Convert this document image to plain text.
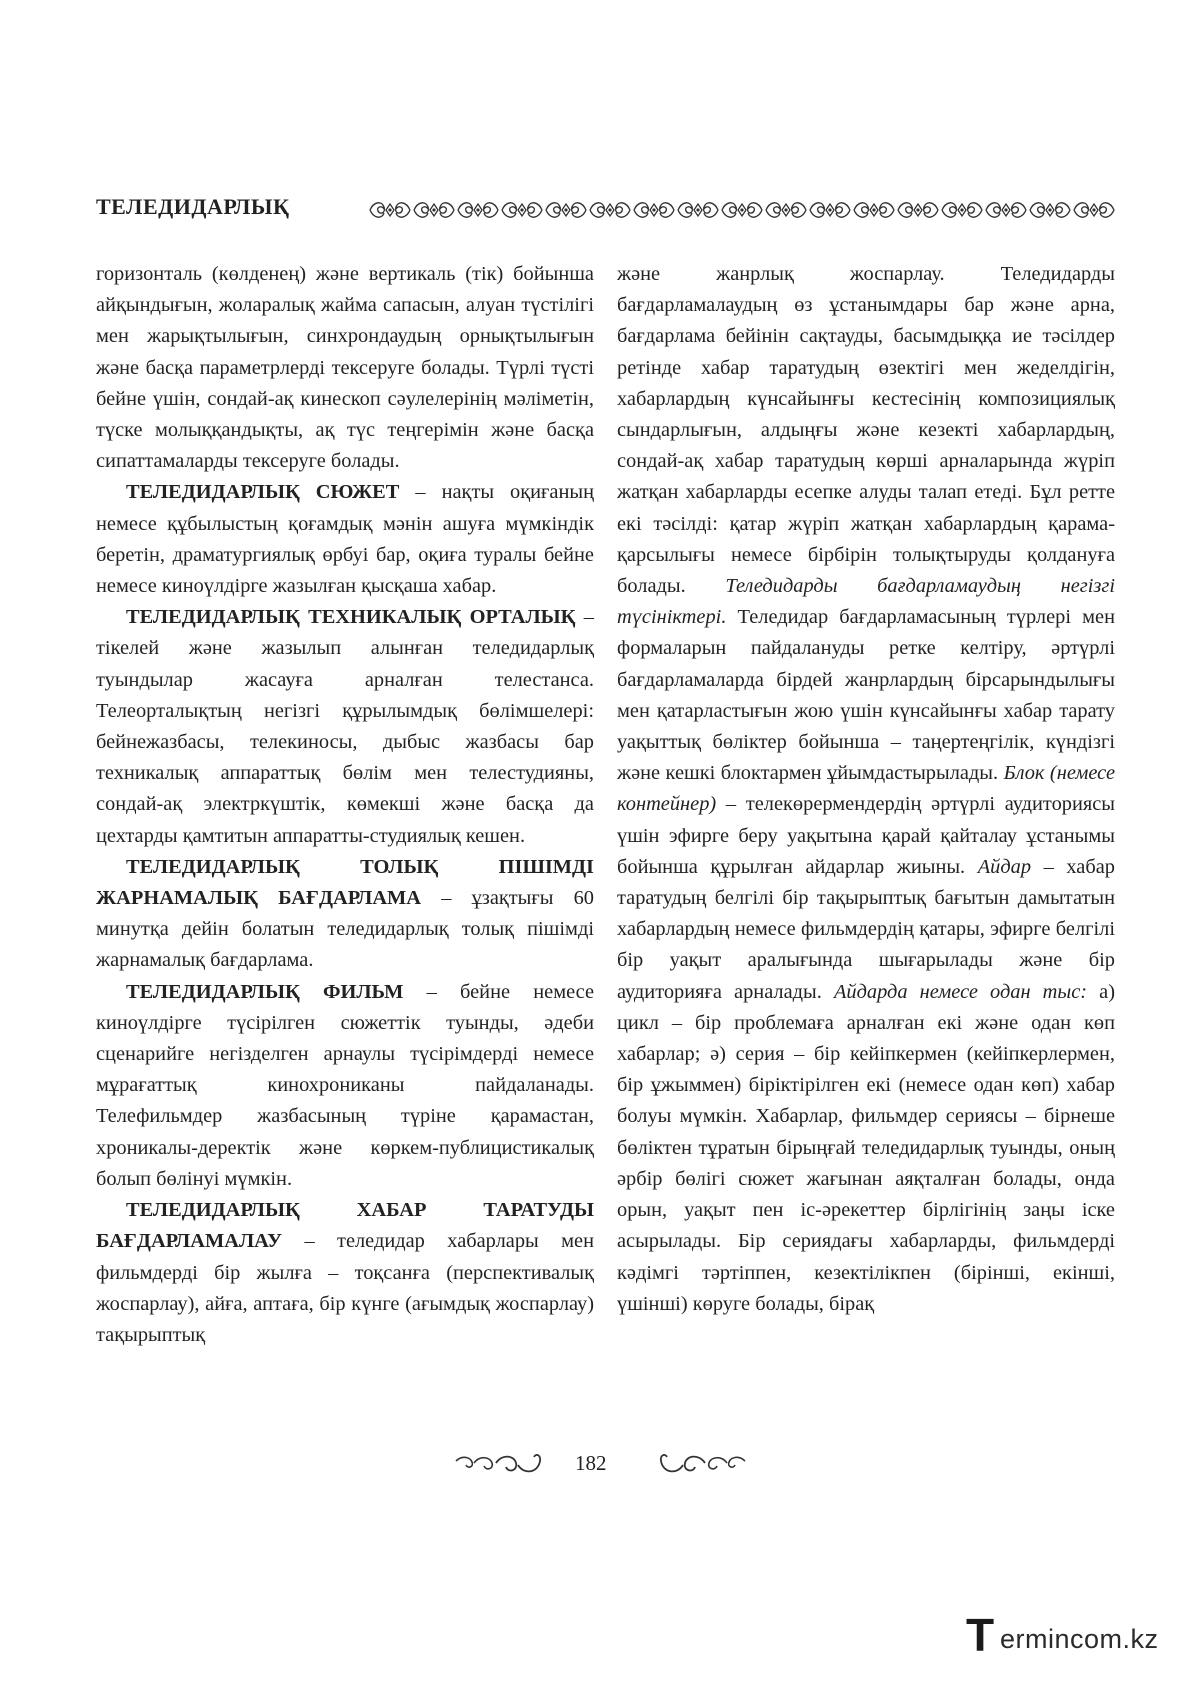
ТЕЛЕДИДАРЛЫҚ

горизонталь (көлденең) және вертикаль (тік) бойынша айқындығын, жоларалық жайма сапасын, алуан түстілігі мен жарықтылығын, синхрондаудың орнықтылығын және басқа параметрлерді тексеруге болады. Түрлі түсті бейне үшін, сондай-ақ кинескоп сәулелерінің мәліметін, түске молыққандықты, ақ түс теңгерімін және басқа сипаттамаларды тексеруге болады.

ТЕЛЕДИДАРЛЫҚ СЮЖЕТ – нақты оқиғаның немесе құбылыстың қоғамдық мәнін ашуға мүмкіндік беретін, драматургиялық өрбуі бар, оқиға туралы бейне немесе киноүлдірге жазылған қысқаша хабар.

ТЕЛЕДИДАРЛЫҚ ТЕХНИКАЛЫҚ ОРТАЛЫҚ – тікелей және жазылып алынған теледидарлық туындылар жасауға арналған телестанса. Телеорталықтың негізгі құрылымдық бөлімшелері: бейнежазбасы, телекиносы, дыбыс жазбасы бар техникалық аппараттық бөлім мен телестудияны, сондай-ақ электркүштік, көмекші және басқа да цехтарды қамтитын аппаратты-студиялық кешен.

ТЕЛЕДИДАРЛЫҚ ТОЛЫҚ ПІШІМДІ ЖАРНАМАЛЫҚ БАҒДАРЛАМА – ұзақтығы 60 минутқа дейін болатын теледидарлық толық пішімді жарнамалық бағдарлама.

ТЕЛЕДИДАРЛЫҚ ФИЛЬМ – бейне немесе киноүлдірге түсірілген сюжеттік туынды, әдеби сценарийге негізделген арнаулы түсірімдерді немесе мұрағаттық кинохрониканы пайдаланады. Телефильмдер жазбасының түріне қарамастан, хроникалы-деректік және көркем-публицистикалық болып бөлінуі мүмкін.

ТЕЛЕДИДАРЛЫҚ ХАБАР ТАРАТУДЫ БАҒДАРЛАМАЛАУ – теледидар хабарлары мен фильмдерді бір жылға – тоқсанға (перспективалық жоспарлау), айға, аптаға, бір күнге (ағымдық жоспарлау) тақырыптық

және жанрлық жоспарлау. Теледидарды бағдарламалаудың өз ұстанымдары бар және арна, бағдарлама бейінін сақтауды, басымдыққа ие тәсілдер ретінде хабар таратудың өзектігі мен жеделдігін, хабарлардың күнсайынғы кестесінің композициялық сындарлығын, алдыңғы және кезекті хабарлардың, сондай-ақ хабар таратудың көрші арналарында жүріп жатқан хабарларды есепке алуды талап етеді. Бұл ретте екі тәсілді: қатар жүріп жатқан хабарлардың қарама-қарсылығы немесе бірбірін толықтыруды қолдануға болады. Теледидарды бағдарламаудың негізгі түсініктері. Теледидар бағдарламасының түрлері мен формаларын пайдалануды ретке келтіру, әртүрлі бағдарламаларда бірдей жанрлардың бірсарындылығы мен қатарластығын жою үшін күнсайынғы хабар тарату уақыттық бөліктер бойынша – таңертеңгілік, күндізгі және кешкі блоктармен ұйымдастырылады. Блок (немесе контейнер) – телекөрермендердің әртүрлі аудиториясы үшін эфирге беру уақытына қарай қайталау ұстанымы бойынша құрылған айдарлар жиыны. Айдар – хабар таратудың белгілі бір тақырыптық бағытын дамытатын хабарлардың немесе фильмдердің қатары, эфирге белгілі бір уақыт аралығында шығарылады және бір аудиторияға арналады. Айдарда немесе одан тыс: а) цикл – бір проблемаға арналған екі және одан көп хабарлар; ә) серия – бір кейіпкермен (кейіпкерлермен, бір ұжыммен) біріктірілген екі (немесе одан көп) хабар болуы мүмкін. Хабарлар, фильмдер сериясы – бірнеше бөліктен тұратын бірыңғай теледидарлық туынды, оның әрбір бөлігі сюжет жағынан аяқталған болады, онда орын, уақыт пен іс-әрекеттер бірлігінің заңы іске асырылады. Бір сериядағы хабарларды, фильмдерді кәдімгі тәртіппен, кезектілікпен (бірінші, екінші, үшінші) көруге болады, бірақ

182
T ermincom.kz
